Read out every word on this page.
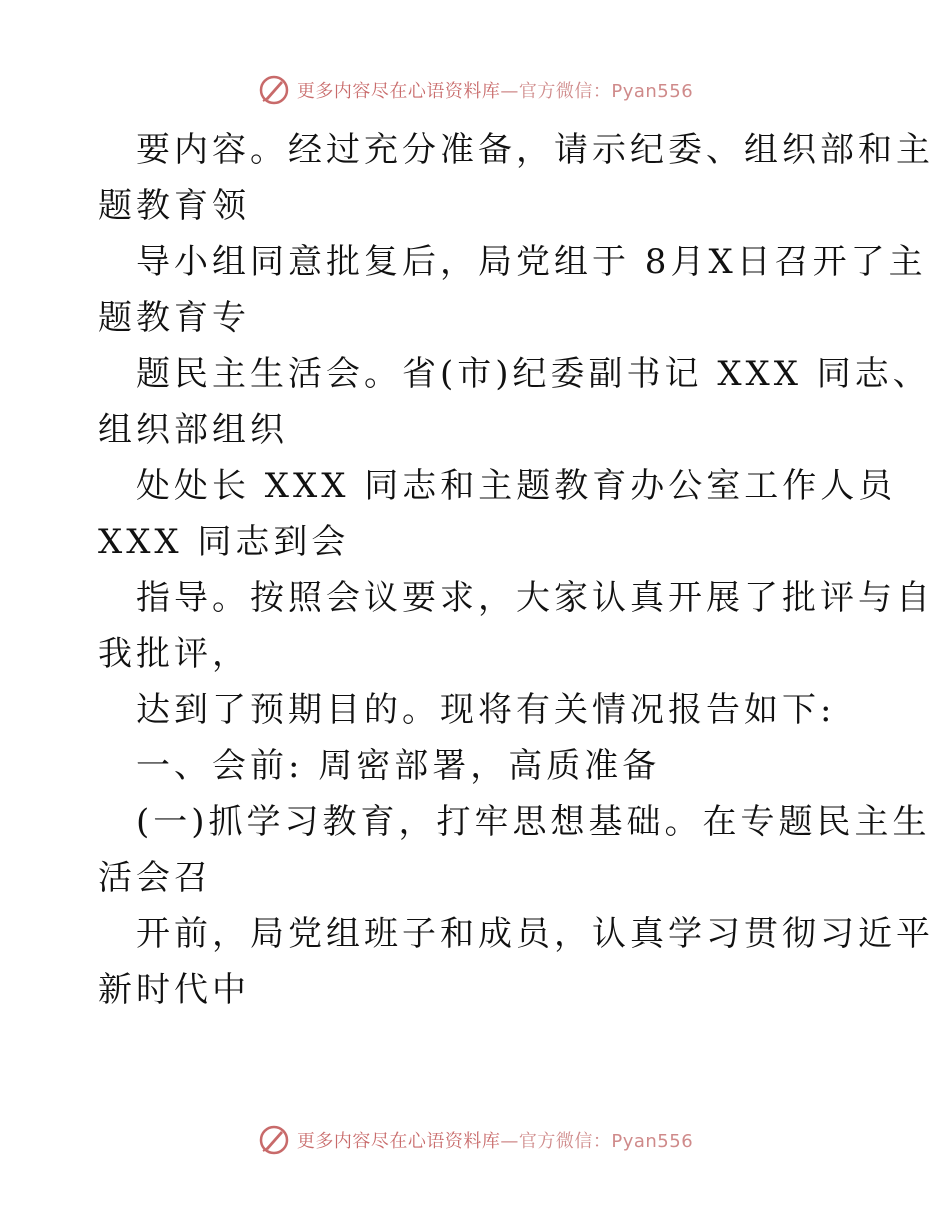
更多内容尽在心语资料库—官方微信：Pyan556
要内容。经过充分准备，请示纪委、组织部和主
题教育领
导小组同意批复后，局党组于 8月X日召开了主
题教育专
题民主生活会。省(市)纪委副书记 XXX 同志、
组织部组织
处处长 XXX 同志和主题教育办公室工作人员
XXX 同志到会
指导。按照会议要求，大家认真开展了批评与自
我批评，
达到了预期目的。现将有关情况报告如下:
一、会前: 周密部署，高质准备
(一)抓学习教育，打牢思想基础。在专题民主生
活会召
开前，局党组班子和成员，认真学习贯彻习近平
新时代中
更多内容尽在心语资料库—官方微信：Pyan556
